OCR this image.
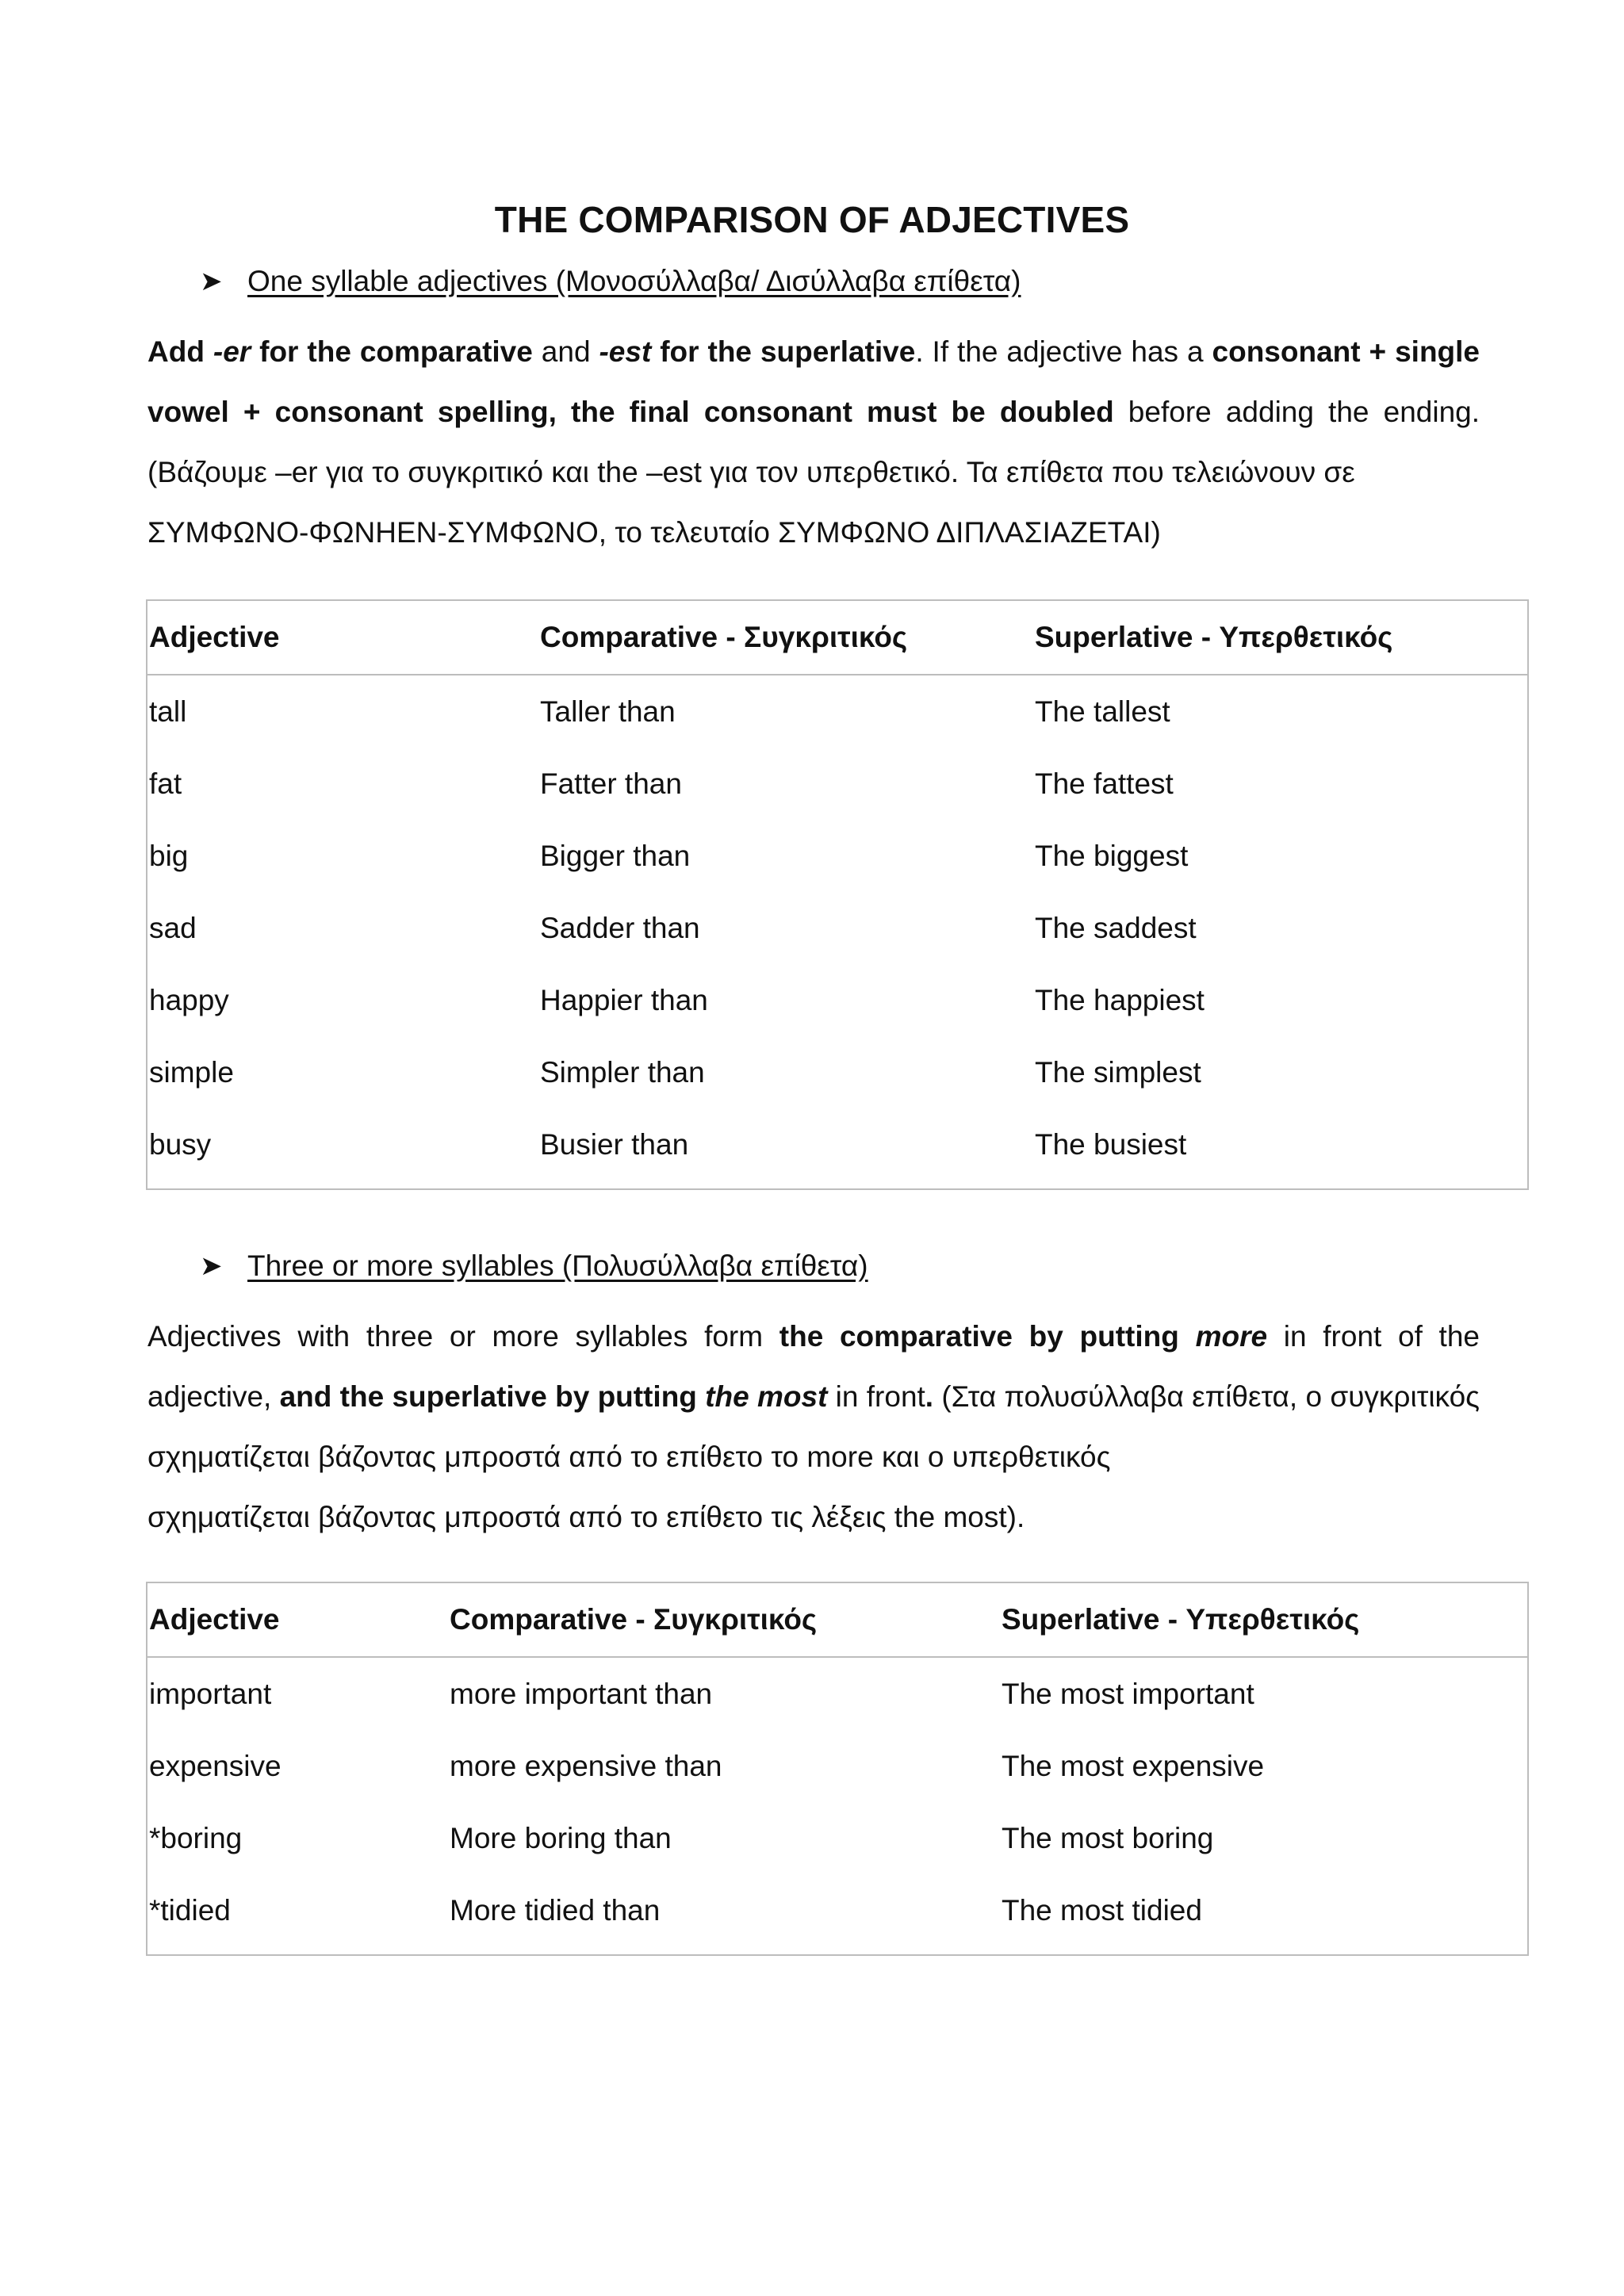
THE COMPARISON OF ADJECTIVES
➤ One syllable adjectives (Μονοσύλλαβα/ Δισύλλαβα επίθετα)
Add -er for the comparative and -est for the superlative. If the adjective has a consonant + single vowel + consonant spelling, the final consonant must be doubled before adding the ending. (Βάζουμε –er για το συγκριτικό και the –est για τον υπερθετικό. Τα επίθετα που τελειώνουν σε
ΣΥΜΦΩΝΟ-ΦΩΝΗΕΝ-ΣΥΜΦΩΝΟ, το τελευταίο ΣΥΜΦΩΝΟ ΔΙΠΛΑΣΙΑΖΕΤΑΙ)
Adjective	Comparative - Συγκριτικός	Superlative - Υπερθετικός
tall	Taller than	The tallest
fat	Fatter than	The fattest
big	Bigger than	The biggest
sad	Sadder than	The saddest
happy	Happier than	The happiest
simple	Simpler than	The simplest
busy	Busier than	The busiest
➤ Three or more syllables (Πολυσύλλαβα επίθετα)
Adjectives with three or more syllables form the comparative by putting more in front of the adjective, and the superlative by putting the most in front. (Στα πολυσύλλαβα επίθετα, ο συγκριτικός σχηματίζεται βάζοντας μπροστά από το επίθετο το more και ο υπερθετικός
σχηματίζεται βάζοντας μπροστά από το επίθετο τις λέξεις the most).
Adjective	Comparative - Συγκριτικός	Superlative - Υπερθετικός
important	more important than	The most important
expensive	more expensive than	The most expensive
*boring	More boring than	The most boring
*tidied	More tidied than	The most tidied
